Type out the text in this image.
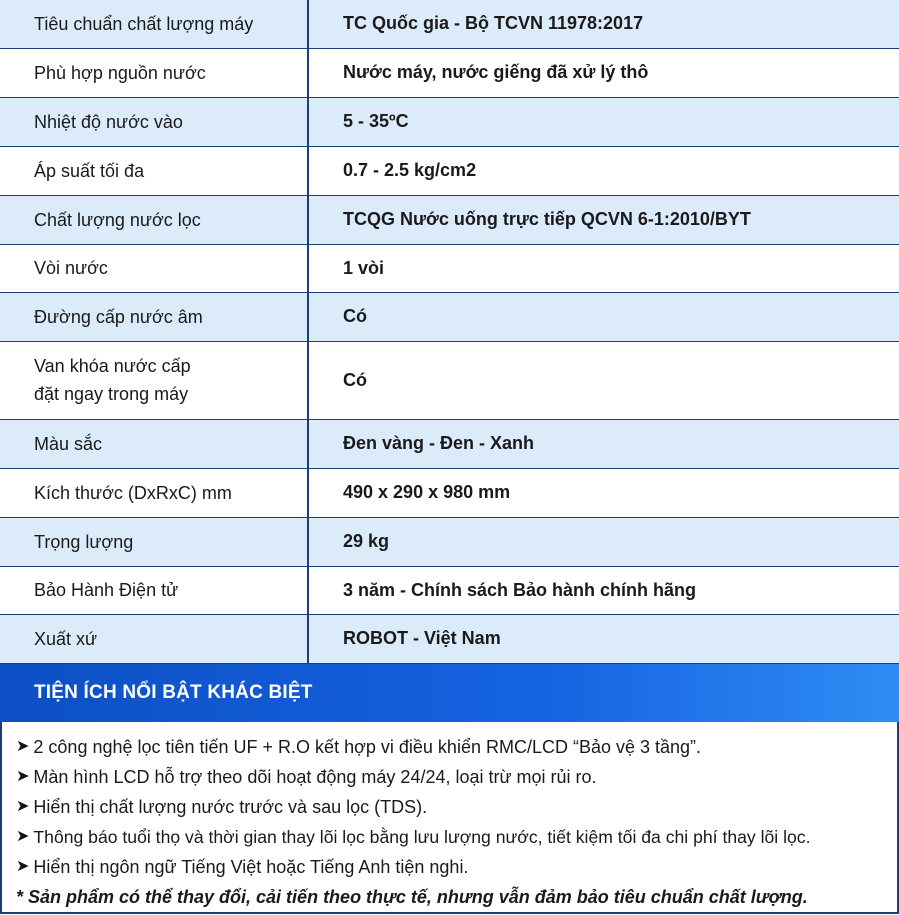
Tiêu chuẩn chất lượng máy	TC Quốc gia - Bộ TCVN 11978:2017
Phù hợp nguồn nước	Nước máy, nước giếng đã xử lý thô
Nhiệt độ nước vào	5 - 35ºC
Áp suất tối đa	0.7 - 2.5 kg/cm2
Chất lượng nước lọc	TCQG Nước uống trực tiếp QCVN 6-1:2010/BYT
Vòi nước	1 vòi
Đường cấp nước âm	Có

Van khóa nước cấp
đặt ngay trong máy	Có
Màu sắc	Đen vàng - Đen - Xanh
Kích thước (DxRxC) mm	490 x 290 x 980 mm
Trọng lượng	29 kg
Bảo Hành Điện tử	3 năm - Chính sách Bảo hành chính hãng
Xuất xứ	ROBOT - Việt Nam
TIỆN ÍCH NỔI BẬT KHÁC BIỆT
➤ 2 công nghệ lọc tiên tiến UF + R.O kết hợp vi điều khiển RMC/LCD “Bảo vệ 3 tầng”.
➤ Màn hình LCD hỗ trợ theo dõi hoạt động máy 24/24, loại trừ mọi rủi ro.
➤ Hiển thị chất lượng nước trước và sau lọc (TDS).
➤ Thông báo tuổi thọ và thời gian thay lõi lọc bằng lưu lượng nước, tiết kiệm tối đa chi phí thay lõi lọc.
➤ Hiển thị ngôn ngữ Tiếng Việt hoặc Tiếng Anh tiện nghi.
* Sản phẩm có thể thay đổi, cải tiến theo thực tế, nhưng vẫn đảm bảo tiêu chuẩn chất lượng.
